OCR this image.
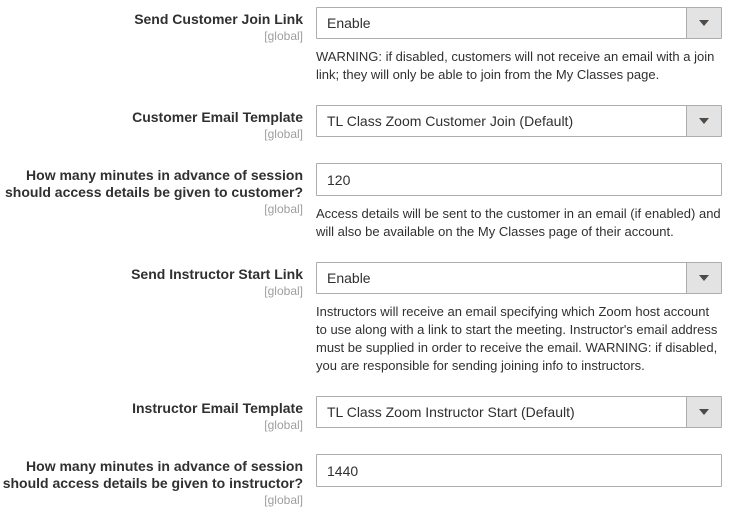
Send Customer Join Link
[global]
Enable

WARNING: if disabled, customers will not receive an email with a join link; they will only be able to join from the My Classes page.

Customer Email Template
[global]
TL Class Zoom Customer Join (Default)
How many minutes in advance of session should access details be given to customer?
[global]
120 Access details will be sent to the customer in an email (if enabled) and will also be available on the My Classes page of their account.

Send Instructor Start Link
[global]
Enable

Instructors will receive an email specifying which Zoom host account to use along with a link to start the meeting. Instructor's email address must be supplied in order to receive the email. WARNING: if disabled, you are responsible for sending joining info to instructors.

Instructor Email Template
[global]
TL Class Zoom Instructor Start (Default)
How many minutes in advance of session should access details be given to instructor?
[global]
1440
